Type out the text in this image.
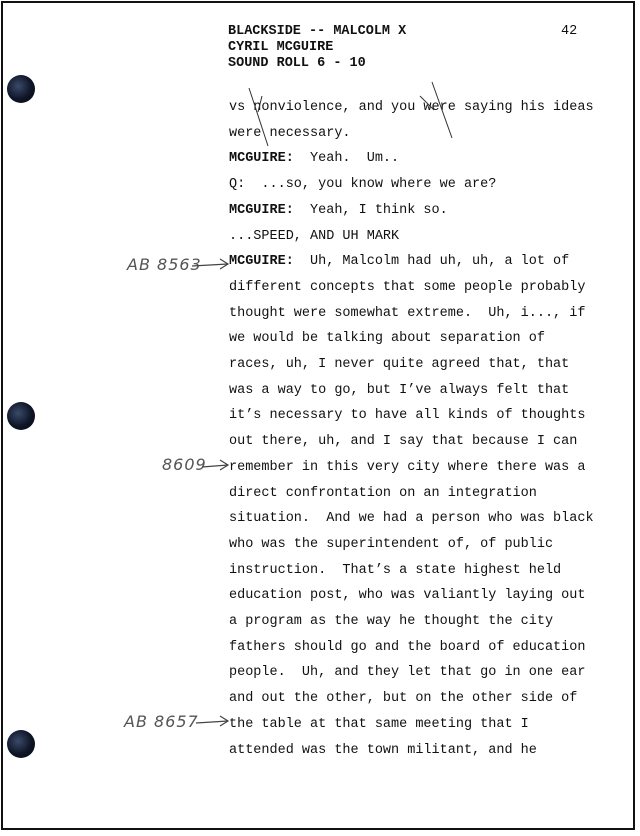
BLACKSIDE -- MALCOLM X
CYRIL MCGUIRE
SOUND ROLL 6 - 10
42
vs nonviolence, and you were saying his ideas
were necessary.
MCGUIRE:  Yeah.  Um..
Q:  ...so, you know where we are?
MCGUIRE:  Yeah, I think so.
...SPEED, AND UH MARK
MCGUIRE:  Uh, Malcolm had uh, uh, a lot of
different concepts that some people probably
thought were somewhat extreme.  Uh, i..., if
we would be talking about separation of
races, uh, I never quite agreed that, that
was a way to go, but I’ve always felt that
it’s necessary to have all kinds of thoughts
out there, uh, and I say that because I can
remember in this very city where there was a
direct confrontation on an integration
situation.  And we had a person who was black
who was the superintendent of, of public
instruction.  That’s a state highest held
education post, who was valiantly laying out
a program as the way he thought the city
fathers should go and the board of education
people.  Uh, and they let that go in one ear
and out the other, but on the other side of
the table at that same meeting that I
attended was the town militant, and he
AB 8563
8609
AB 8657
